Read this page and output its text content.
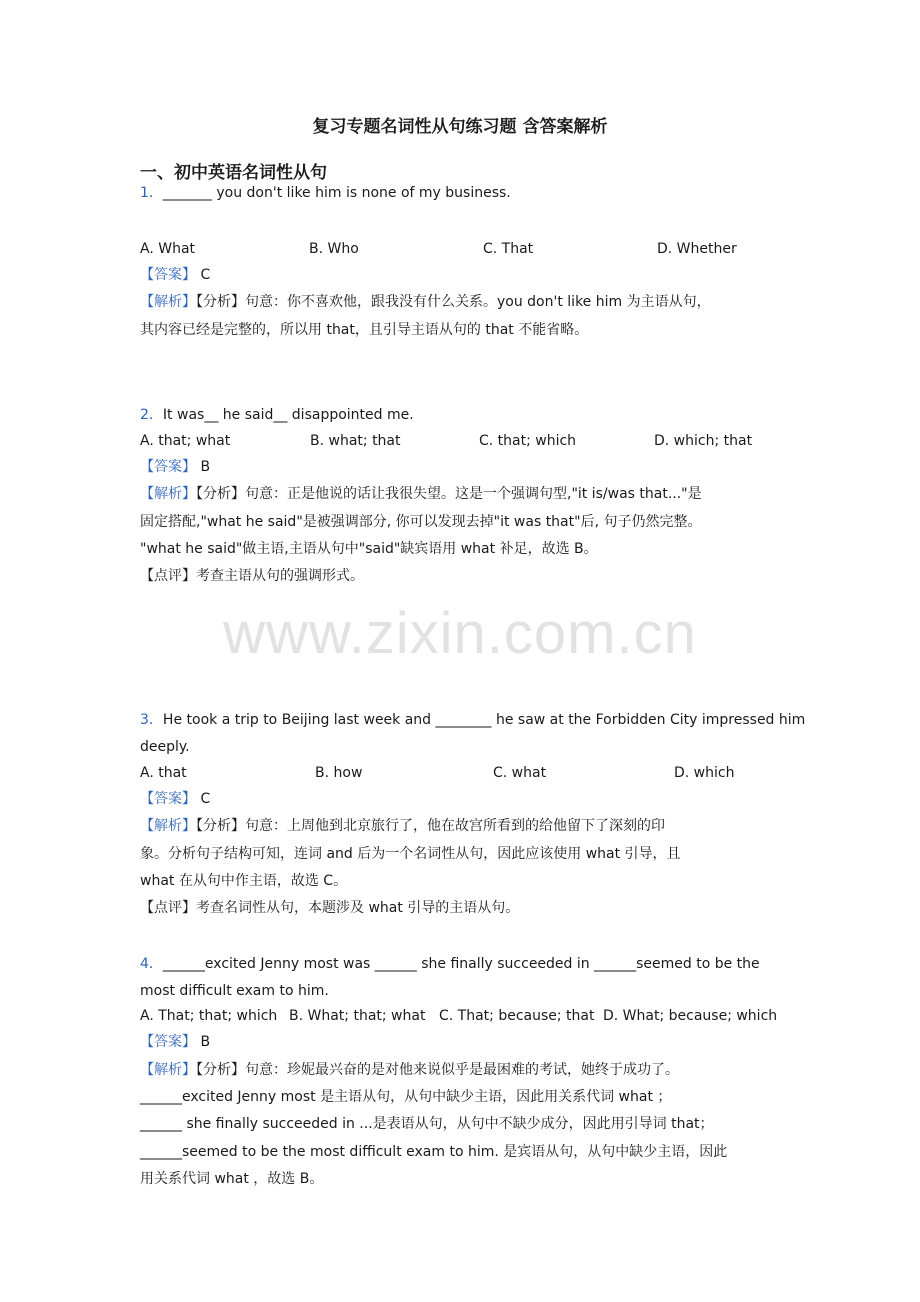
复习专题名词性从句练习题 含答案解析
一、初中英语名词性从句
1．_______ you don't like him is none of my business.
A. What	B. Who	C. That	D. Whether
【答案】 C
【解析】【分析】句意：你不喜欢他，跟我没有什么关系。you don't like him 为主语从句，
其内容已经是完整的，所以用 that，且引导主语从句的 that 不能省略。
2．It was__ he said__ disappointed me.
A. that; what	B. what; that	C. that; which	D. which; that
【答案】 B
【解析】【分析】句意：正是他说的话让我很失望。这是一个强调句型,"it is/was that..."是
固定搭配,"what he said"是被强调部分, 你可以发现去掉"it was that"后, 句子仍然完整。
"what he said"做主语,主语从句中"said"缺宾语用 what 补足，故选 B。
【点评】考查主语从句的强调形式。
www.zixin.com.cn
3．He took a trip to Beijing last week and ________ he saw at the Forbidden City impressed him
deeply.
A. that	B. how	C. what	D. which
【答案】 C
【解析】【分析】句意：上周他到北京旅行了，他在故宫所看到的给他留下了深刻的印
象。分析句子结构可知，连词 and 后为一个名词性从句，因此应该使用 what 引导，且
what 在从句中作主语，故选 C。
【点评】考查名词性从句，本题涉及 what 引导的主语从句。
4．______excited Jenny most was ______ she finally succeeded in ______seemed to be the
most difficult exam to him.
A. That; that; which B. What; that; what C. That; because; that D. What; because; which
【答案】 B
【解析】【分析】句意：珍妮最兴奋的是对他来说似乎是最困难的考试，她终于成功了。
______excited Jenny most 是主语从句，从句中缺少主语，因此用关系代词 what ；
______ she finally succeeded in ...是表语从句，从句中不缺少成分，因此用引导词 that；
______seemed to be the most difficult exam to him. 是宾语从句，从句中缺少主语，因此
用关系代词 what ，故选 B。
